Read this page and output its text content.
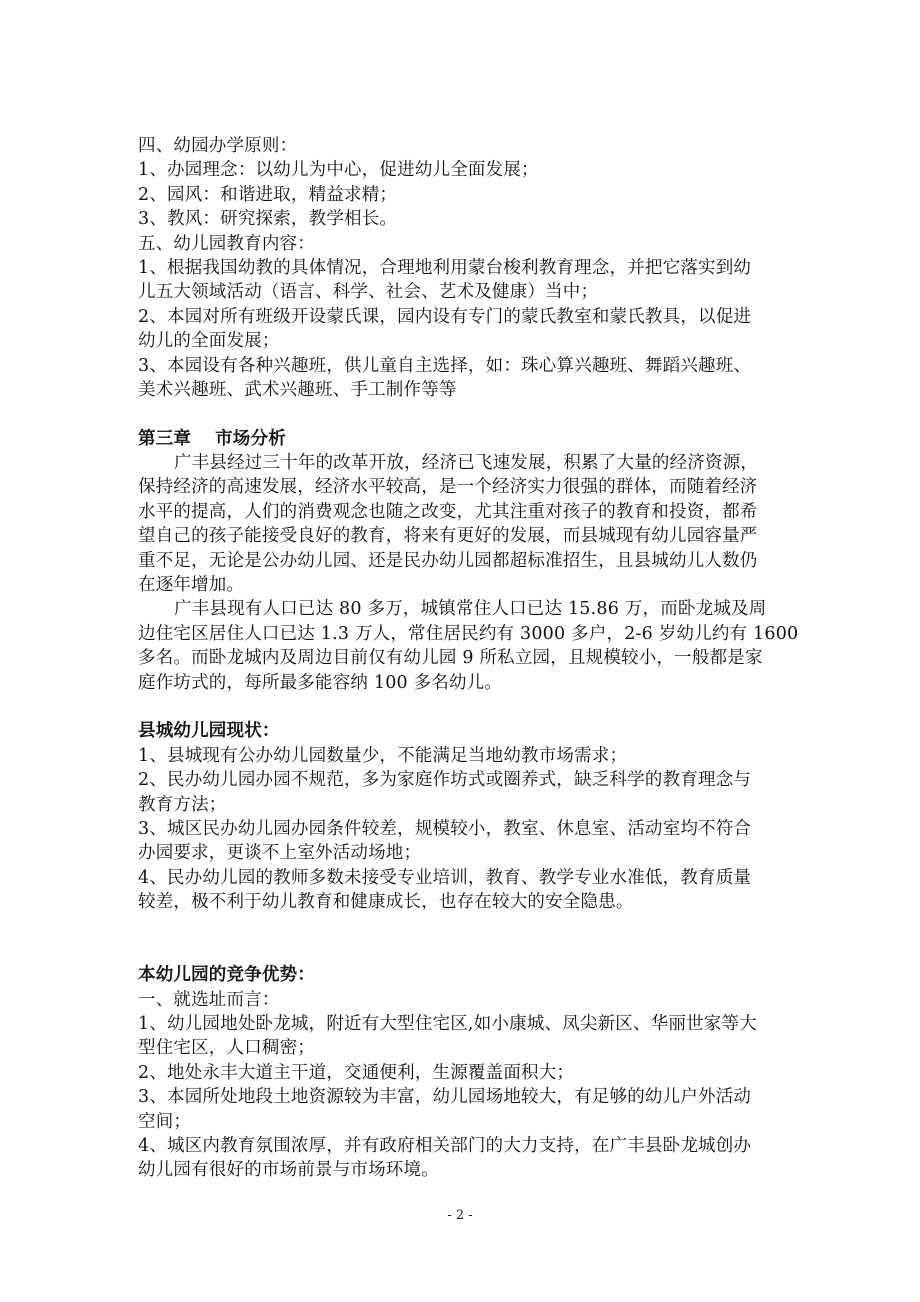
四、幼园办学原则：

1、办园理念：以幼儿为中心，促进幼儿全面发展；

2、园风：和谐进取，精益求精；

3、教风：研究探索，教学相长。

五、幼儿园教育内容：

1、根据我国幼教的具体情况，合理地利用蒙台梭利教育理念，并把它落实到幼

儿五大领域活动（语言、科学、社会、艺术及健康）当中；

2、本园对所有班级开设蒙氏课，园内设有专门的蒙氏教室和蒙氏教具，以促进

幼儿的全面发展；

3、本园设有各种兴趣班，供儿童自主选择，如：珠心算兴趣班、舞蹈兴趣班、

美术兴趣班、武术兴趣班、手工制作等等

第三章 市场分析

广丰县经过三十年的改革开放，经济已飞速发展，积累了大量的经济资源，

保持经济的高速发展，经济水平较高，是一个经济实力很强的群体，而随着经济

水平的提高，人们的消费观念也随之改变，尤其注重对孩子的教育和投资，都希

望自己的孩子能接受良好的教育，将来有更好的发展，而县城现有幼儿园容量严

重不足，无论是公办幼儿园、还是民办幼儿园都超标准招生，且县城幼儿人数仍

在逐年增加。

广丰县现有人口已达 80 多万，城镇常住人口已达 15.86 万，而卧龙城及周

边住宅区居住人口已达 1.3 万人，常住居民约有 3000 多户，2-6 岁幼儿约有 1600

多名。而卧龙城内及周边目前仅有幼儿园 9 所私立园，且规模较小，一般都是家

庭作坊式的，每所最多能容纳 100 多名幼儿。

县城幼儿园现状：

1、县城现有公办幼儿园数量少，不能满足当地幼教市场需求；

2、民办幼儿园办园不规范，多为家庭作坊式或圈养式，缺乏科学的教育理念与

教育方法；

3、城区民办幼儿园办园条件较差，规模较小，教室、休息室、活动室均不符合

办园要求，更谈不上室外活动场地；

4、民办幼儿园的教师多数未接受专业培训，教育、教学专业水准低，教育质量

较差，极不利于幼儿教育和健康成长，也存在较大的安全隐患。

本幼儿园的竞争优势：

一、就选址而言：

1、幼儿园地处卧龙城，附近有大型住宅区,如小康城、凤尖新区、华丽世家等大

型住宅区，人口稠密；

2、地处永丰大道主干道，交通便利，生源覆盖面积大；

3、本园所处地段土地资源较为丰富，幼儿园场地较大，有足够的幼儿户外活动

空间；

4、城区内教育氛围浓厚，并有政府相关部门的大力支持，在广丰县卧龙城创办

幼儿园有很好的市场前景与市场环境。

- 2 -
